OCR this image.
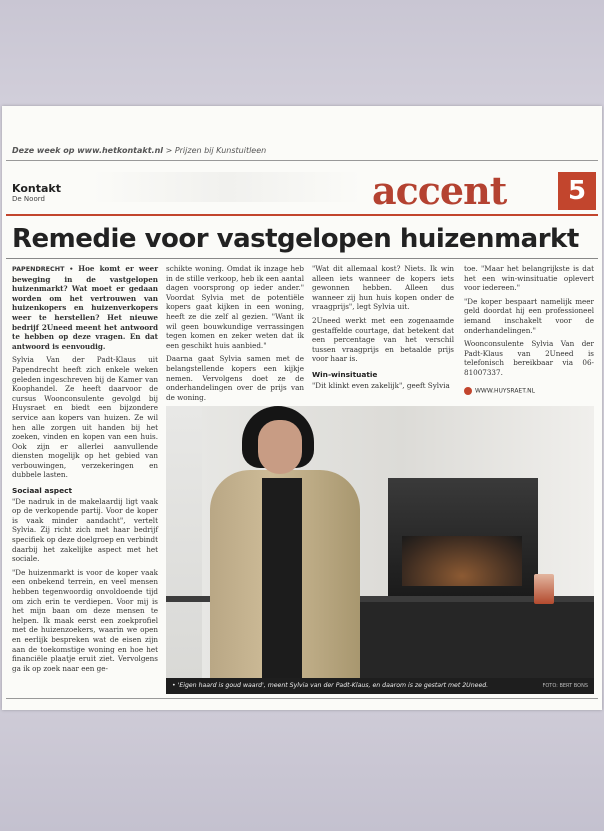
Deze week op www.hetkontakt.nl > Prijzen bij Kunstuitleen
Kontakt
De Noord	accent	5
Remedie voor vastgelopen huizenmarkt

PAPENDRECHT • Hoe komt er weer beweging in de vastgelopen huizenmarkt? Wat moet er gedaan worden om het vertrouwen van huizenkopers en huizenverkopers weer te herstellen? Het nieuwe bedrijf 2Uneed meent het antwoord te hebben op deze vragen. En dat antwoord is eenvoudig.

Sylvia Van der Padt-Klaus uit Papendrecht heeft zich enkele weken geleden ingeschreven bij de Kamer van Koophandel. Ze heeft daarvoor de cursus Woonconsulente gevolgd bij Huysraet en biedt een bijzondere service aan kopers van huizen. Ze wil hen alle zorgen uit handen bij het zoeken, vinden en kopen van een huis. Ook zijn er allerlei aanvullende diensten mogelijk op het gebied van verbouwingen, verzekeringen en dubbele lasten.

Sociaal aspect

"De nadruk in de makelaardij ligt vaak op de verkopende partij. Voor de koper is vaak minder aandacht", vertelt Sylvia. Zij richt zich met haar bedrijf specifiek op deze doelgroep en verbindt daarbij het zakelijke aspect met het sociale.

"De huizenmarkt is voor de koper vaak een onbekend terrein, en veel mensen hebben tegenwoordig onvoldoende tijd om zich erin te verdiepen. Voor mij is het mijn baan om deze mensen te helpen. Ik maak eerst een zoekprofiel met de huizenzoekers, waarin we open en eerlijk bespreken wat de eisen zijn aan de toekomstige woning en hoe het financiële plaatje eruit ziet. Vervolgens ga ik op zoek naar een ge-

schikte woning. Omdat ik inzage heb in de stille verkoop, heb ik een aantal dagen voorsprong op ieder ander." Voordat Sylvia met de potentiële kopers gaat kijken in een woning, heeft ze die zelf al gezien. "Want ik wil geen bouwkundige verrassingen tegen komen en zeker weten dat ik een geschikt huis aanbied."

Daarna gaat Sylvia samen met de belangstellende kopers een kijkje nemen. Vervolgens doet ze de onderhandelingen over de prijs van de woning.

"Wat dit allemaal kost? Niets. Ik win alleen iets wanneer de kopers iets gewonnen hebben. Alleen dus wanneer zij hun huis kopen onder de vraagprijs", legt Sylvia uit.

2Uneed werkt met een zogenaamde gestaffelde courtage, dat betekent dat een percentage van het verschil tussen vraagprijs en betaalde prijs voor haar is.

Win-winsituatie

"Dit klinkt even zakelijk", geeft Sylvia

toe. "Maar het belangrijkste is dat het een win-winsituatie oplevert voor iedereen."

"De koper bespaart namelijk meer geld doordat hij een professioneel iemand inschakelt voor de onderhandelingen."

Woonconsulente Sylvia Van der Padt-Klaus van 2Uneed is telefonisch bereikbaar via 06-81007337.

WWW.HUYSRAET.NL
• 'Eigen haard is goud waard', meent Sylvia van der Padt-Klaus, en daarom is ze gestart met 2Uneed.	FOTO: BERT BONS
